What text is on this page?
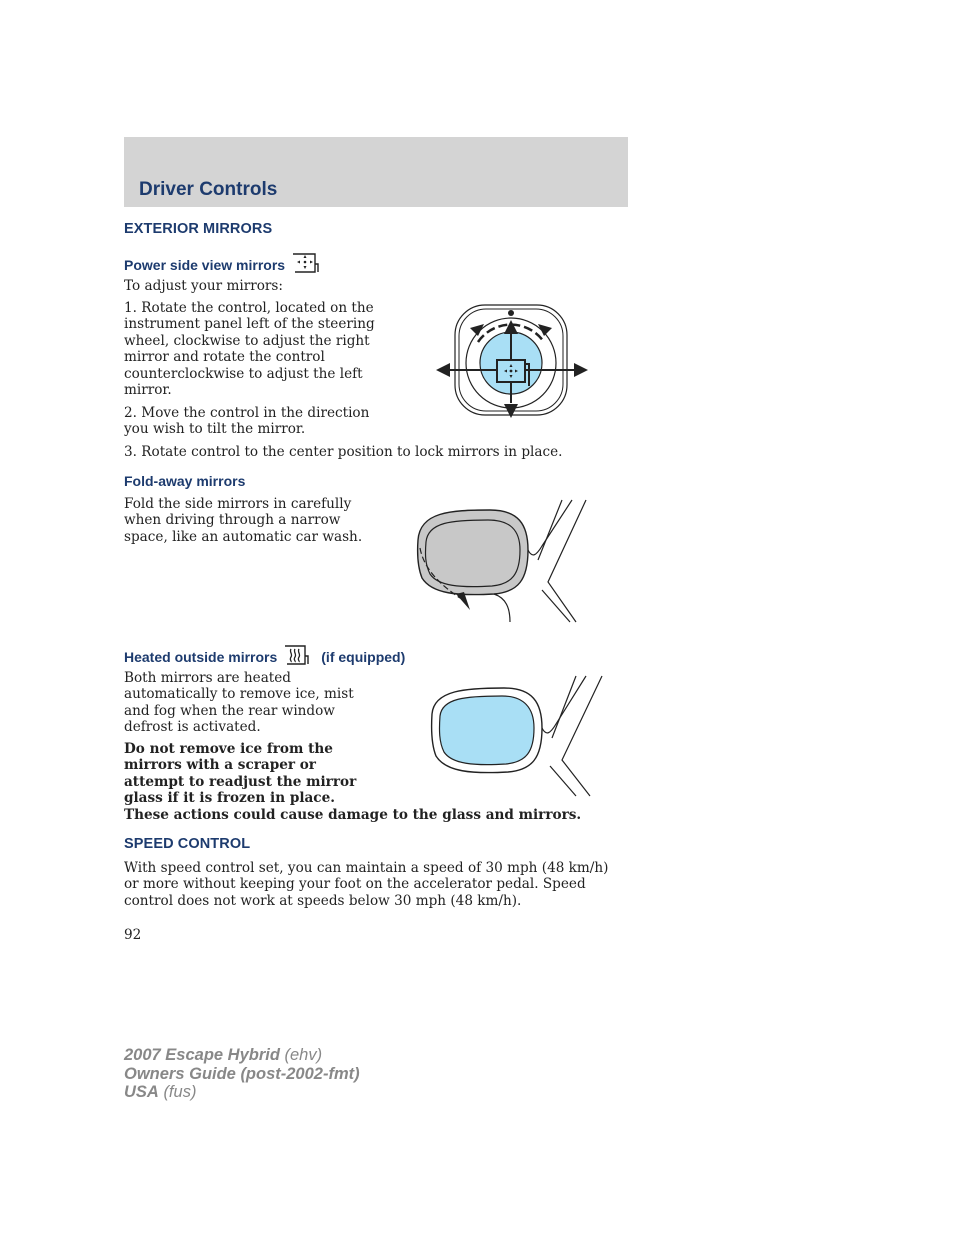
Driver Controls
EXTERIOR MIRRORS
Power side view mirrors
To adjust your mirrors:
1. Rotate the control, located on the instrument panel left of the steering wheel, clockwise to adjust the right mirror and rotate the control counterclockwise to adjust the left mirror.
2. Move the control in the direction you wish to tilt the mirror.
3. Rotate control to the center position to lock mirrors in place.
Fold-away mirrors
Fold the side mirrors in carefully when driving through a narrow space, like an automatic car wash.
Heated outside mirrors	(if equipped)
Both mirrors are heated automatically to remove ice, mist and fog when the rear window defrost is activated.
Do not remove ice from the mirrors with a scraper or attempt to readjust the mirror glass if it is frozen in place.
These actions could cause damage to the glass and mirrors.
SPEED CONTROL
With speed control set, you can maintain a speed of 30 mph (48 km/h) or more without keeping your foot on the accelerator pedal. Speed control does not work at speeds below 30 mph (48 km/h).
92
2007 Escape Hybrid (ehv)
Owners Guide (post-2002-fmt)
USA (fus)
